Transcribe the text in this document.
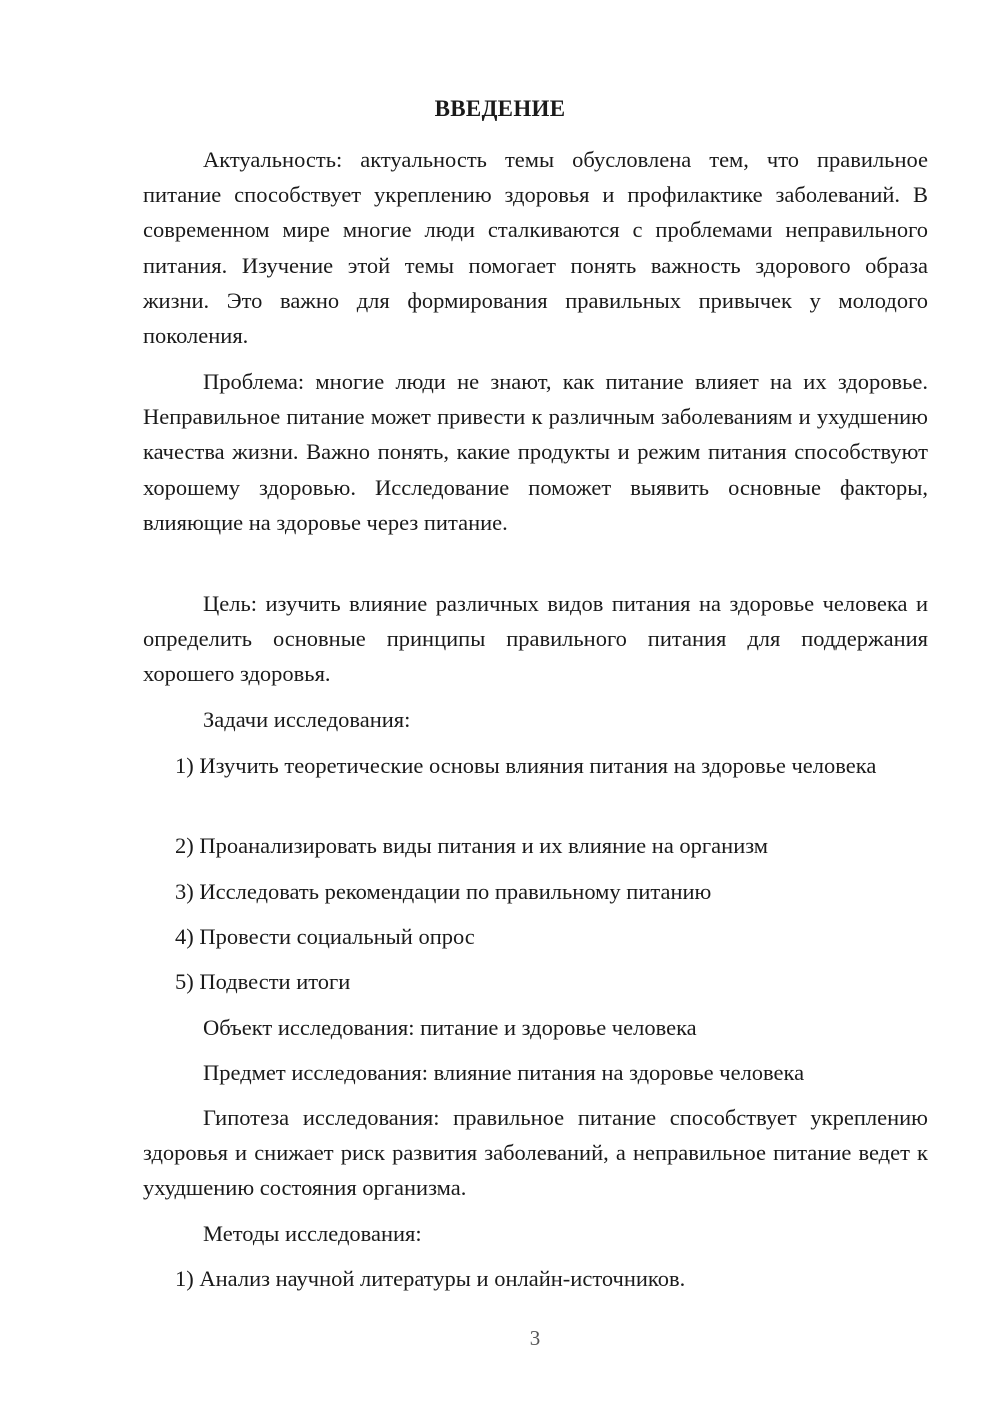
ВВЕДЕНИЕ

Актуальность: актуальность темы обусловлена тем, что правильное питание способствует укреплению здоровья и профилактике заболеваний. В современном мире многие люди сталкиваются с проблемами неправильного питания. Изучение этой темы помогает понять важность здорового образа жизни. Это важно для формирования правильных привычек у молодого поколения.

Проблема: многие люди не знают, как питание влияет на их здоровье. Неправильное питание может привести к различным заболеваниям и ухудшению качества жизни. Важно понять, какие продукты и режим питания способствуют хорошему здоровью. Исследование поможет выявить основные факторы, влияющие на здоровье через питание.

Цель: изучить влияние различных видов питания на здоровье человека и определить основные принципы правильного питания для поддержания хорошего здоровья.

Задачи исследования:

1) Изучить теоретические основы влияния питания на здоровье человека

2) Проанализировать виды питания и их влияние на организм

3) Исследовать рекомендации по правильному питанию

4) Провести социальный опрос

5) Подвести итоги

Объект исследования: питание и здоровье человека

Предмет исследования: влияние питания на здоровье человека

Гипотеза исследования: правильное питание способствует укреплению здоровья и снижает риск развития заболеваний, а неправильное питание ведет к ухудшению состояния организма.

Методы исследования:

1) Анализ научной литературы и онлайн-источников.

3
